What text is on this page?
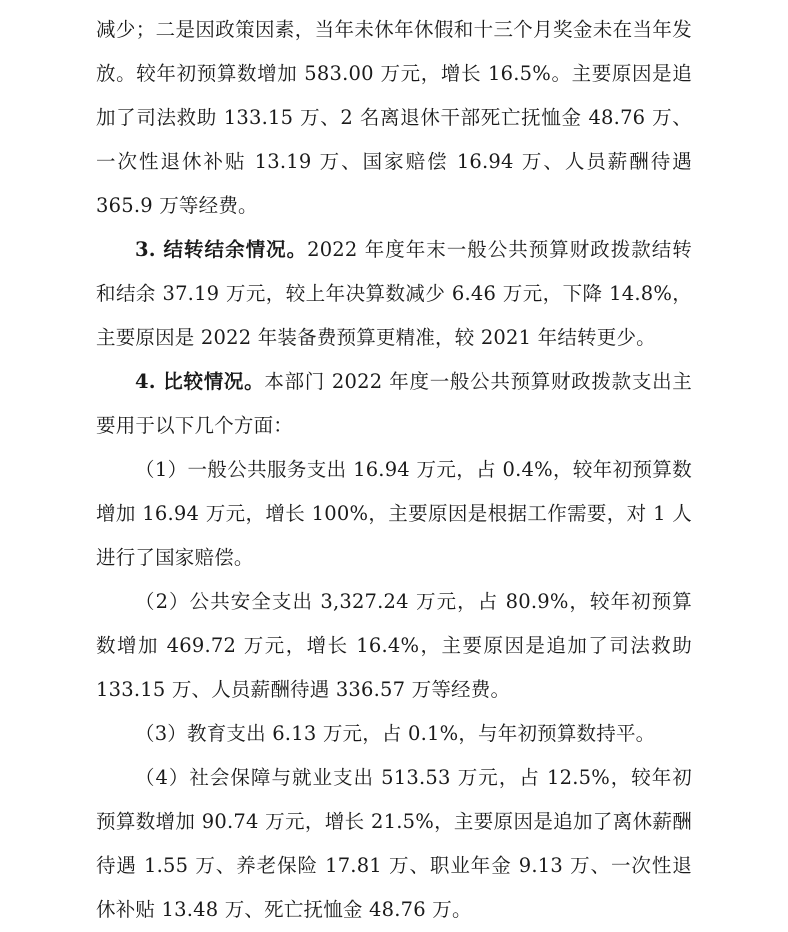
减少；二是因政策因素，当年未休年休假和十三个月奖金未在当年发放。较年初预算数增加 583.00 万元，增长 16.5%。主要原因是追加了司法救助 133.15 万、2 名离退休干部死亡抚恤金 48.76 万、一次性退休补贴 13.19 万、国家赔偿 16.94 万、人员薪酬待遇 365.9 万等经费。

3. 结转结余情况。2022 年度年末一般公共预算财政拨款结转和结余 37.19 万元，较上年决算数减少 6.46 万元，下降 14.8%，主要原因是 2022 年装备费预算更精准，较 2021 年结转更少。

4. 比较情况。本部门 2022 年度一般公共预算财政拨款支出主要用于以下几个方面：

（1）一般公共服务支出 16.94 万元，占 0.4%，较年初预算数增加 16.94 万元，增长 100%，主要原因是根据工作需要，对 1 人进行了国家赔偿。

（2）公共安全支出 3,327.24 万元，占 80.9%，较年初预算数增加 469.72 万元，增长 16.4%，主要原因是追加了司法救助 133.15 万、人员薪酬待遇 336.57 万等经费。

（3）教育支出 6.13 万元，占 0.1%，与年初预算数持平。

（4）社会保障与就业支出 513.53 万元，占 12.5%，较年初预算数增加 90.74 万元，增长 21.5%，主要原因是追加了离休薪酬待遇 1.55 万、养老保险 17.81 万、职业年金 9.13 万、一次性退休补贴 13.48 万、死亡抚恤金 48.76 万。
